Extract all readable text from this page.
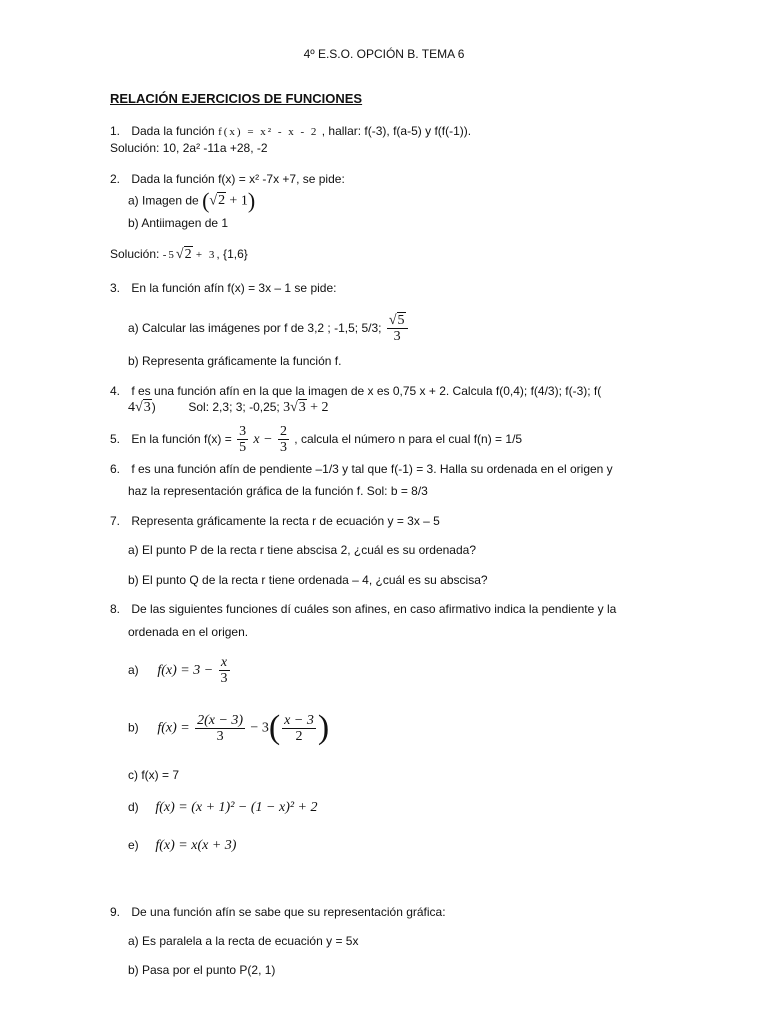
4º E.S.O. OPCIÓN B. TEMA 6
RELACIÓN EJERCICIOS DE FUNCIONES
1. Dada la función f(x) = x² - x - 2 , hallar: f(-3), f(a-5) y f(f(-1)).
Solución: 10, 2a² -11a +28, -2
2. Dada la función f(x) = x² -7x +7, se pide:
a) Imagen de (√2 + 1)
b) Antiimagen de 1
Solución: -5√2 + 3, {1,6}
3. En la función afín f(x) = 3x – 1 se pide:
a) Calcular las imágenes por f de 3,2 ; -1,5; 5/3; $\frac{√5}{3}$
b) Representa gráficamente la función f.
4. f es una función afín en la que la imagen de x es 0,75 x + 2. Calcula f(0,4); f(4/3); f(-3); f(
4√3)	Sol: 2,3; 3; -0,25; 3√3 + 2
5. En la función $f(x) = \frac{3}{5}$ $x - \frac{2}{3}$ , calcula el número n para el cual f(n) = 1/5
6. f es una función afín de pendiente –1/3 y tal que f(-1) = 3. Halla su ordenada en el origen y
haz la representación gráfica de la función f. Sol: b = 8/3
7. Representa gráficamente la recta r de ecuación y = 3x – 5
a) El punto P de la recta r tiene abscisa 2, ¿cuál es su ordenada?
b) El punto Q de la recta r tiene ordenada – 4, ¿cuál es su abscisa?
8. De las siguientes funciones dí cuáles son afines, en caso afirmativo indica la pendiente y la
ordenada en el origen.
a) $f(x) = 3 - \frac{x}{3}$
b) $f(x) = \frac{2(x - 3)}{3} - 3( \frac{x - 3}{2}$ )
c) f(x) = 7
d) f(x) = (x + 1)² − (1 − x)² + 2
e) f(x) = x(x + 3)
9. De una función afín se sabe que su representación gráfica:
a) Es paralela a la recta de ecuación y = 5x
b) Pasa por el punto P(2, 1)
